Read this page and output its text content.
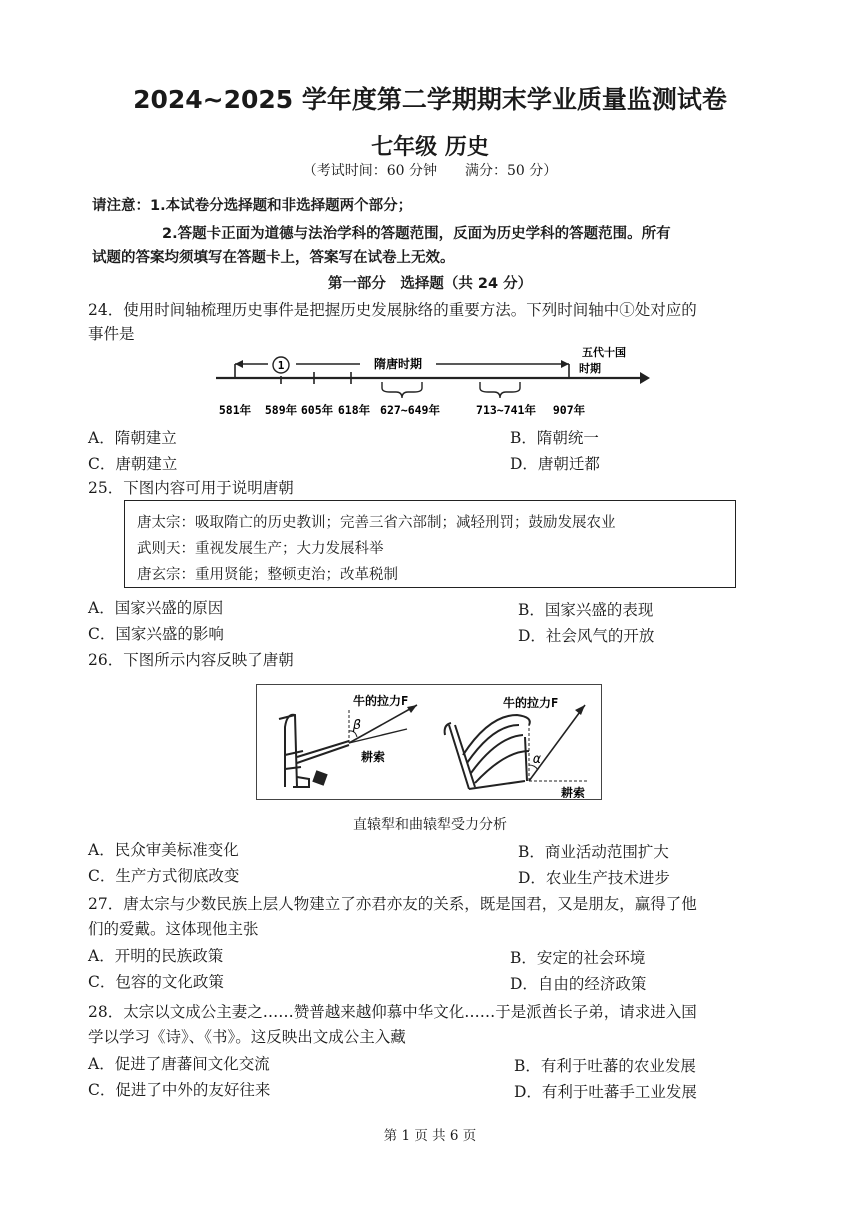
2024~2025 学年度第二学期期末学业质量监测试卷
七年级 历史
（考试时间：60 分钟　　满分：50 分）
请注意：1.本试卷分选择题和非选择题两个部分；
2.答题卡正面为道德与法治学科的答题范围，反面为历史学科的答题范围。所有
试题的答案均须填写在答题卡上，答案写在试卷上无效。
第一部分　选择题（共 24 分）
24．使用时间轴梳理历史事件是把握历史发展脉络的重要方法。下列时间轴中①处对应的
事件是
隋唐时期
1
五代十国
时期
581年 589年 605年 618年 627~649年	713~741年 907年
A．隋朝建立	B．隋朝统一
C．唐朝建立	D．唐朝迁都
25．下图内容可用于说明唐朝
唐太宗：吸取隋亡的历史教训；完善三省六部制；减轻刑罚；鼓励发展农业
武则天：重视发展生产；大力发展科举
唐玄宗：重用贤能；整顿吏治；改革税制
A．国家兴盛的原因	B．国家兴盛的表现
C．国家兴盛的影响	D．社会风气的开放
26．下图所示内容反映了唐朝
牛的拉力F
β
耕索
牛的拉力F
α
耕索
直辕犁和曲辕犁受力分析
A．民众审美标准变化	B．商业活动范围扩大
C．生产方式彻底改变	D．农业生产技术进步
27．唐太宗与少数民族上层人物建立了亦君亦友的关系，既是国君，又是朋友，赢得了他
们的爱戴。这体现他主张
A．开明的民族政策	B．安定的社会环境
C．包容的文化政策	D．自由的经济政策
28．太宗以文成公主妻之……赞普越来越仰慕中华文化……于是派酋长子弟，请求进入国
学以学习《诗》、《书》。这反映出文成公主入藏
A．促进了唐蕃间文化交流	B．有利于吐蕃的农业发展
C．促进了中外的友好往来	D．有利于吐蕃手工业发展
第 1 页 共 6 页
